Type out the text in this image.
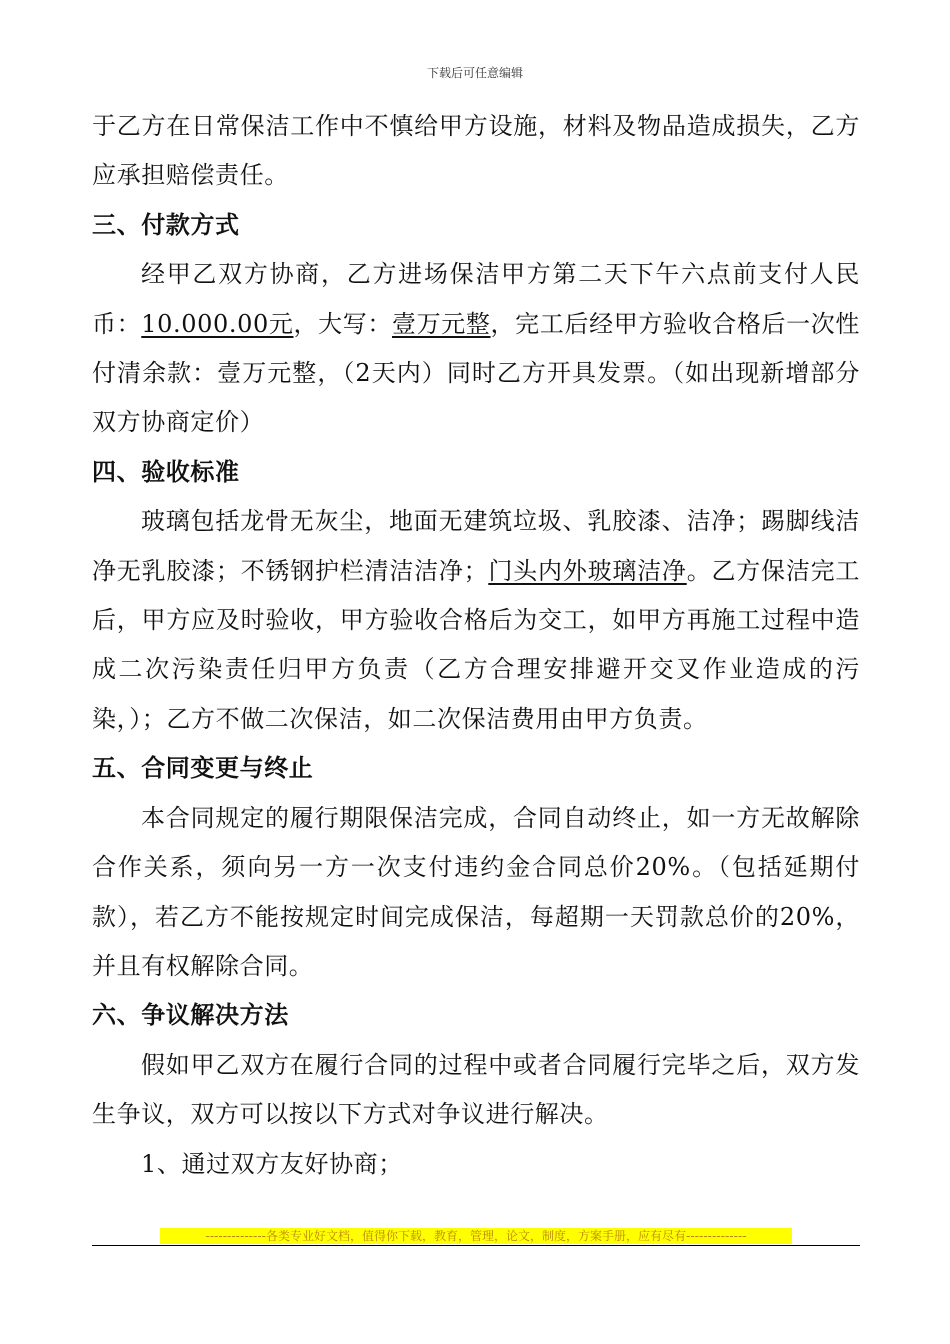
下载后可任意编辑

于乙方在日常保洁工作中不慎给甲方设施，材料及物品造成损失，乙方应承担赔偿责任。

三、付款方式

经甲乙双方协商，乙方进场保洁甲方第二天下午六点前支付人民币：10.000.00元，大写：壹万元整，完工后经甲方验收合格后一次性付清余款：壹万元整，（2天内）同时乙方开具发票。（如出现新增部分双方协商定价）

四、验收标准

玻璃包括龙骨无灰尘，地面无建筑垃圾、乳胶漆、洁净；踢脚线洁净无乳胶漆；不锈钢护栏清洁洁净；门头内外玻璃洁净。乙方保洁完工后，甲方应及时验收，甲方验收合格后为交工，如甲方再施工过程中造成二次污染责任归甲方负责（乙方合理安排避开交叉作业造成的污染，）；乙方不做二次保洁，如二次保洁费用由甲方负责。

五、合同变更与终止

本合同规定的履行期限保洁完成，合同自动终止，如一方无故解除合作关系，须向另一方一次支付违约金合同总价20%。（包括延期付款），若乙方不能按规定时间完成保洁，每超期一天罚款总价的20%，并且有权解除合同。

六、争议解决方法

假如甲乙双方在履行合同的过程中或者合同履行完毕之后，双方发生争议，双方可以按以下方式对争议进行解决。

1、通过双方友好协商；

--------------各类专业好文档，值得你下载，教育，管理，论文，制度，方案手册，应有尽有--------------
